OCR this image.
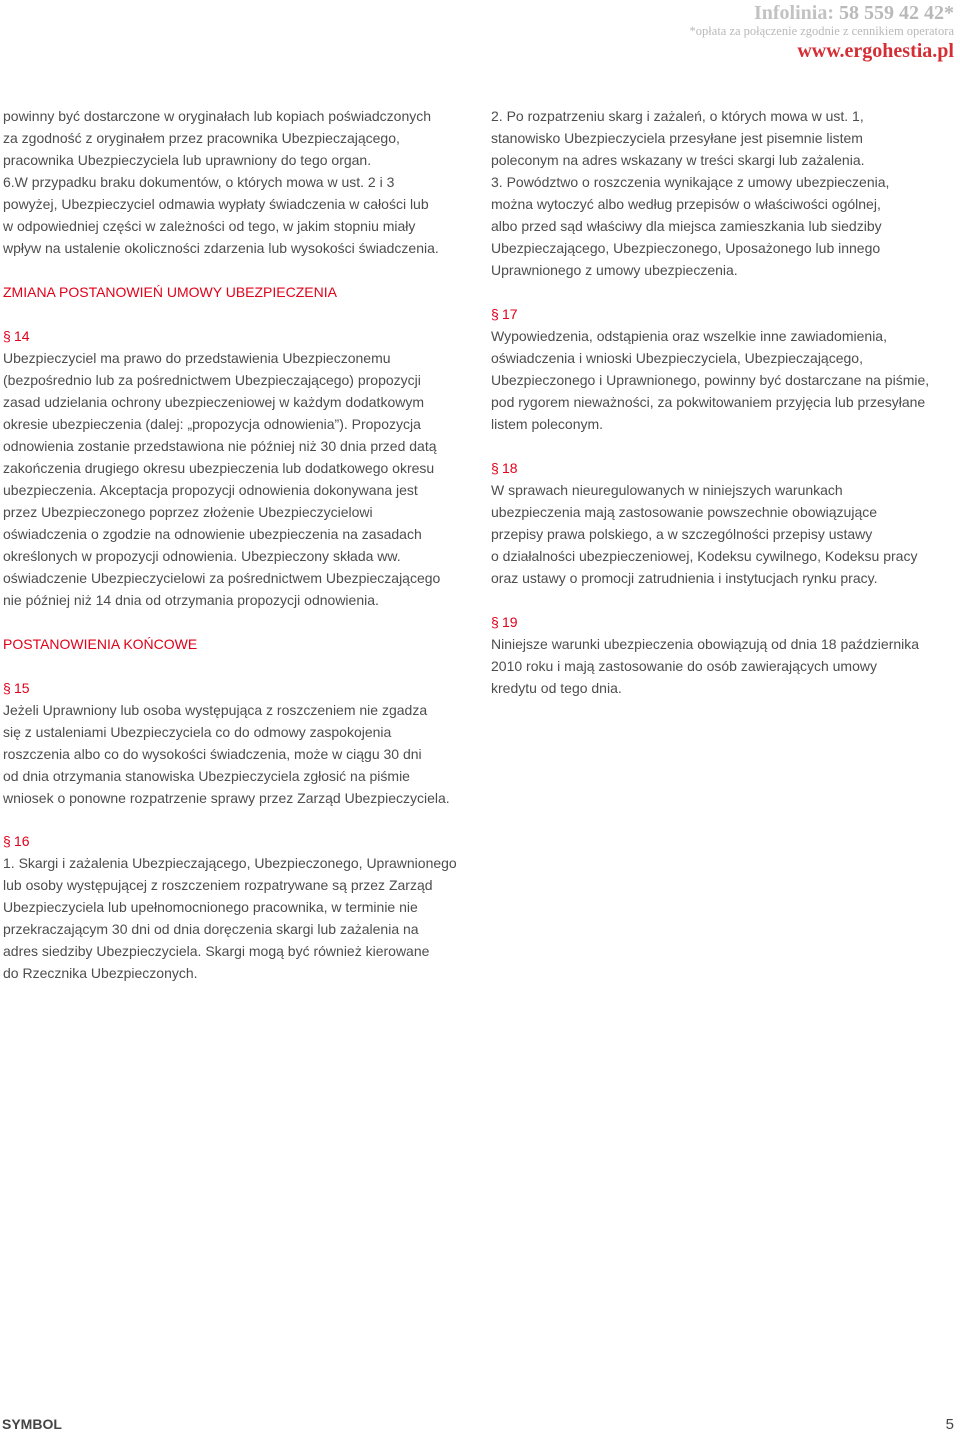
Infolinia: 58 559 42 42*
*opłata za połączenie zgodnie z cennikiem operatora
www.ergohestia.pl

powinny być dostarczone w oryginałach lub kopiach poświadczonych

za zgodność z oryginałem przez pracownika Ubezpieczającego,

pracownika Ubezpieczyciela lub uprawniony do tego organ.

6.W przypadku braku dokumentów, o których mowa w ust. 2 i 3

powyżej, Ubezpieczyciel odmawia wypłaty świadczenia w całości lub

w odpowiedniej części w zależności od tego, w jakim stopniu miały

wpływ na ustalenie okoliczności zdarzenia lub wysokości świadczenia.

ZMIANA POSTANOWIEŃ UMOWY UBEZPIECZENIA

§ 14

Ubezpieczyciel ma prawo do przedstawienia Ubezpieczonemu

(bezpośrednio lub za pośrednictwem Ubezpieczającego) propozycji

zasad udzielania ochrony ubezpieczeniowej w każdym dodatkowym

okresie ubezpieczenia (dalej: „propozycja odnowienia”). Propozycja

odnowienia zostanie przedstawiona nie później niż 30 dnia przed datą

zakończenia drugiego okresu ubezpieczenia lub dodatkowego okresu

ubezpieczenia. Akceptacja propozycji odnowienia dokonywana jest

przez Ubezpieczonego poprzez złożenie Ubezpieczycielowi

oświadczenia o zgodzie na odnowienie ubezpieczenia na zasadach

określonych w propozycji odnowienia. Ubezpieczony składa ww.

oświadczenie Ubezpieczycielowi za pośrednictwem Ubezpieczającego

nie później niż 14 dnia od otrzymania propozycji odnowienia.

POSTANOWIENIA KOŃCOWE

§ 15

Jeżeli Uprawniony lub osoba występująca z roszczeniem nie zgadza

się z ustaleniami Ubezpieczyciela co do odmowy zaspokojenia

roszczenia albo co do wysokości świadczenia, może w ciągu 30 dni

od dnia otrzymania stanowiska Ubezpieczyciela zgłosić na piśmie

wniosek o ponowne rozpatrzenie sprawy przez Zarząd Ubezpieczyciela.

§ 16

1. Skargi i zażalenia Ubezpieczającego, Ubezpieczonego, Uprawnionego

lub osoby występującej z roszczeniem rozpatrywane są przez Zarząd

Ubezpieczyciela lub upełnomocnionego pracownika, w terminie nie

przekraczającym 30 dni od dnia doręczenia skargi lub zażalenia na

adres siedziby Ubezpieczyciela. Skargi mogą być również kierowane

do Rzecznika Ubezpieczonych.

2. Po rozpatrzeniu skarg i zażaleń, o których mowa w ust. 1,

stanowisko Ubezpieczyciela przesyłane jest pisemnie listem

poleconym na adres wskazany w treści skargi lub zażalenia.

3. Powództwo o roszczenia wynikające z umowy ubezpieczenia,

można wytoczyć albo według przepisów o właściwości ogólnej,

albo przed sąd właściwy dla miejsca zamieszkania lub siedziby

Ubezpieczającego, Ubezpieczonego, Uposażonego lub innego

Uprawnionego z umowy ubezpieczenia.

§ 17

Wypowiedzenia, odstąpienia oraz wszelkie inne zawiadomienia,

oświadczenia i wnioski Ubezpieczyciela, Ubezpieczającego,

Ubezpieczonego i Uprawnionego, powinny być dostarczane na piśmie,

pod rygorem nieważności, za pokwitowaniem przyjęcia lub przesyłane

listem poleconym.

§ 18

W sprawach nieuregulowanych w niniejszych warunkach

ubezpieczenia mają zastosowanie powszechnie obowiązujące

przepisy prawa polskiego, a w szczególności przepisy ustawy

o działalności ubezpieczeniowej, Kodeksu cywilnego, Kodeksu pracy

oraz ustawy o promocji zatrudnienia i instytucjach rynku pracy.

§ 19

Niniejsze warunki ubezpieczenia obowiązują od dnia 18 października

2010 roku i mają zastosowanie do osób zawierających umowy

kredytu od tego dnia.

SYMBOL	5
